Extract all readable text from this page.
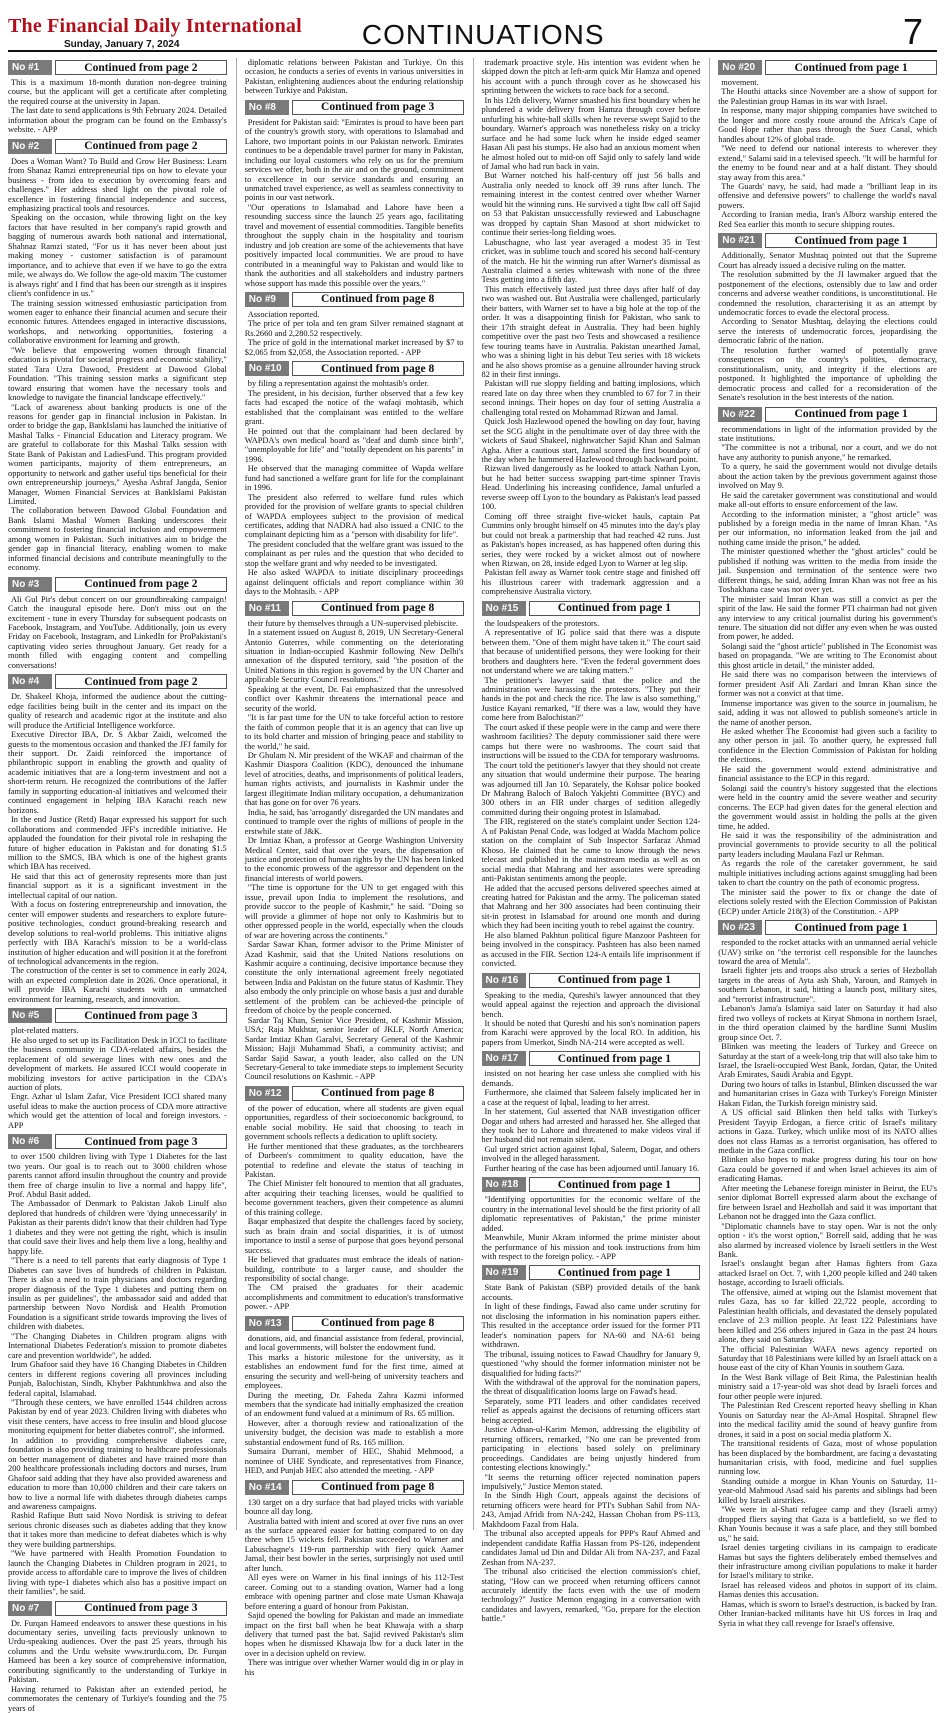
The Financial Daily International
Sunday, January 7, 2024	CONTINUATIONS	7
No #1	Continued from page 2

This is a maximum 18-month duration non-degree training course, but the applicant will get a certificate after completing the required course at the university in Japan.

The last date to send applications is 9th February 2024. Detailed information about the program can be found on the Embassy's website. - APP

No #2	Continued from page 2

Does a Woman Want? To Build and Grow Her Business: Learn from Shanaz Ramzi entrepreneurial tips on how to elevate your business - from idea to execution by overcoming fears and challenges." Her address shed light on the pivotal role of excellence in fostering financial independence and success, emphasizing practical tools and resources.

Speaking on the occasion, while throwing light on the key factors that have resulted in her company's rapid growth and bagging of numerous awards both national and international, Shahnaz Ramzi stated, "For us it has never been about just making money - customer satisfaction is of paramount importance, and to achieve that even if we have to go the extra mile, we always do. We follow the age-old maxim 'The customer is always right' and I find that has been our strength as it inspires client's confidence in us."

The training session witnessed enthusiastic participation from women eager to enhance their financial acumen and secure their economic futures. Attendees engaged in interactive discussions, workshops, and networking opportunities, fostering a collaborative environment for learning and growth.

"We believe that empowering women through financial education is pivotal for societal progress and economic stability," stated Tara Uzra Dawood, President at Dawood Global Foundation. "This training session marks a significant step toward ensuring that women have the necessary tools and knowledge to navigate the financial landscape effectively."

"Lack of awareness about banking products is one of the reasons for gender gap in financial inclusion in Pakistan. In order to bridge the gap, BankIslami has launched the initiative of Mashal Talks - Financial Education and Literacy program. We are grateful to collaborate for this Mashal Talks session with State Bank of Pakistan and LadiesFund. This program provided women participants, majority of them entrepreneurs, an opportunity to network and gather useful tips beneficial for their own entrepreneurship journeys," Ayesha Ashraf Jangda, Senior Manager, Women Financial Services at BankIslami Pakistan Limited.

The collaboration between Dawood Global Foundation and Bank Islami Mashal Women Banking underscores their commitment to fostering financial inclusion and empowerment among women in Pakistan. Such initiatives aim to bridge the gender gap in financial literacy, enabling women to make informed financial decisions and contribute meaningfully to the economy.

No #3	Continued from page 2

Ali Gul Pir's debut concert on our groundbreaking campaign! Catch the inaugural episode here. Don't miss out on the excitement - tune in every Thursday for subsequent podcasts on Facebook, Instagram, and YouTube. Additionally, join us every Friday on Facebook, Instagram, and LinkedIn for ProPakistani's captivating video series throughout January. Get ready for a month filled with engaging content and compelling conversations!

No #4	Continued from page 2

Dr. Shakeel Khoja, informed the audience about the cutting-edge facilities being built in the center and its impact on the quality of research and academic rigor at the institute and also will produce the Artificial Intelligence workforce.

Executive Director IBA, Dr. S Akbar Zaidi, welcomed the guests to the momentous occasion and thanked the JFJ family for their support. Dr. Zaidi reinforced the importance of philanthropic support in enabling the growth and quality of academic initiatives that are a long-term investment and not a short-term return. He recognized the contributions of the Jaffer family in supporting education-al initiatives and welcomed their continued engagement in helping IBA Karachi reach new horizons.

In the end Justice (Retd) Baqar expressed his support for such collaborations and commended JFF's incredible initiative. He applauded the foundation for their pivotal role in reshaping the future of higher education in Pakistan and for donating $1.5 million to the SMCS, IBA which is one of the highest grants which IBA has received.

He said that this act of generosity represents more than just financial support as it is a significant investment in the intellectual capital of our nation.

With a focus on fostering entrepreneurship and innovation, the center will empower students and researchers to explore future-positive technologies, conduct ground-breaking research and develop solutions to real-world problems. This initiative aligns perfectly with IBA Karachi's mission to be a world-class institution of higher education and will position it at the forefront of technological advancements in the region.

The construction of the center is set to commence in early 2024, with an expected completion date in 2026. Once operational, it will provide IBA Karachi students with an unmatched environment for learning, research, and innovation.

No #5	Continued from page 3

plot-related matters.

He also urged to set up its Facilitation Desk in ICCI to facilitate the business community in CDA-related affairs, besides the replacement of old sewerage lines with new ones and the development of markets. He assured ICCI would cooperate in mobilizing investors for active participation in the CDA's auction of plots.

Engr. Azhar ul Islam Zafar, Vice President ICCI shared many useful ideas to make the auction process of CDA more attractive which would get the attention of local and foreign investors. - APP

No #6	Continued from page 3

to over 1500 children living with Type 1 Diabetes for the last two years. Our goal is to reach out to 3000 children whose parents cannot afford insulin throughout the country and provide them free of charge insulin to live a normal and happy life", Prof. Abdul Basit added.

The Ambassador of Denmark to Pakistan Jakob Linulf also deplored that hundreds of children were 'dying unnecessarily' in Pakistan as their parents didn't know that their children had Type 1 diabetes and they were not getting the right, which is insulin that could save their lives and help them live a long, healthy and happy life.

"There is a need to tell parents that early diagnosis of Type 1 Diabetes can save lives of hundreds of children in Pakistan. There is also a need to train physicians and doctors regarding proper diagnosis of the Type 1 diabetes and putting them on insulin as per guidelines", the ambassador said and added that partnership between Novo Nordisk and Health Promotion Foundation is a significant stride towards improving the lives of children with diabetes.

"The Changing Diabetes in Children program aligns with International Diabetes Federation's mission to promote diabetes care and prevention worldwide", he added.

Irum Ghafoor said they have 16 Changing Diabetes in Children centers in different regions covering all provinces including Punjab, Balochistan, Sindh, Khyber Pakhtunkhwa and also the federal capital, Islamabad.

"Through these centers, we have enrolled 1544 children across Pakistan by end of year 2023. Children living with diabetes who visit these centers, have access to free insulin and blood glucose monitoring equipment for better diabetes control", she informed.

In addition to providing comprehensive diabetes care, foundation is also providing training to healthcare professionals on better management of diabetes and have trained more than 200 healthcare professionals including doctors and nurses, Irum Ghafoor said adding that they have also provided awareness and education to more than 10,000 children and their care takers on how to live a normal life with diabetes through diabetes camps and awareness campaigns.

Rashid Rafique Butt said Novo Nordisk is striving to defeat serious chronic diseases such as diabetes adding that they know that it takes more than medicine to defeat diabetes which is why they were building partnerships.

"We have partnered with Health Promotion Foundation to launch the Changing Diabetes in Children program in 2021, to provide access to affordable care to improve the lives of children living with type-1 diabetes which also has a positive impact on their families", he said.

No #7	Continued from page 3

Dr. Furqan Hameed endeavors to answer these questions in his documentary series, unveiling facts previously unknown to Urdu-speaking audiences. Over the past 25 years, through his columns and the Urdu website www.trurdu.com, Dr. Furqan Hameed has been a key source of comprehensive information, contributing significantly to the understanding of Turkiye in Pakistan.

Having returned to Pakistan after an extended period, he commemorates the centenary of Turkiye's founding and the 75 years of

diplomatic relations between Pakistan and Turkiye. On this occasion, he conducts a series of events in various universities in Pakistan, enlightening audiences about the enduring relationship between Turkiye and Pakistan.

No #8	Continued from page 3

President for Pakistan said: "Emirates is proud to have been part of the country's growth story, with operations to Islamabad and Lahore, two important points in our Pakistan network. Emirates continues to be a dependable travel partner for many in Pakistan, including our loyal customers who rely on us for the premium services we offer, both in the air and on the ground, commitment to excellence in our service standards and ensuring an unmatched travel experience, as well as seamless connectivity to points in our vast network.

"Our operations to Islamabad and Lahore have been a resounding success since the launch 25 years ago, facilitating travel and movement of essential commodities. Tangible benefits throughout the supply chain in the hospitality and tourism industry and job creation are some of the achievements that have positively impacted local communities. We are proud to have contributed in a meaningful way to Pakistan and would like to thank the authorities and all stakeholders and industry partners whose support has made this possible over the years."

No #9	Continued from page 8

Association reported.

The price of per tola and ten gram Silver remained stagnant at Rs.2660 and 2,280.52 respectively.

The price of gold in the international market increased by $7 to $2,065 from $2,058, the Association reported. - APP

No #10	Continued from page 8

by filing a representation against the mohtasib's order.

The president, in his decision, further observed that a few key facts had escaped the notice of the wafaqi mohtasib, which established that the complainant was entitled to the welfare grant.

He pointed out that the complainant had been declared by WAPDA's own medical board as "deaf and dumb since birth", "unemployable for life" and "totally dependent on his parents" in 1996.

He observed that the managing committee of Wapda welfare fund had sanctioned a welfare grant for life for the complainant in 1996.

The president also referred to welfare fund rules which provided for the provision of welfare grants to special children of WAPDA employees subject to the provision of medical certificates, adding that NADRA had also issued a CNIC to the complainant depicting him as a "person with disability for life".

The president concluded that the welfare grant was issued to the complainant as per rules and the question that who decided to stop the welfare grant and why needed to be investigated.

He also asked WAPDA to initiate disciplinary proceedings against delinquent officials and report compliance within 30 days to the Mohtasib. - APP

No #11	Continued from page 8

their future by themselves through a UN-supervised plebiscite.

In a statement issued on August 8, 2019, UN Secretary-General Antonio Guterres, while commenting on the deteriorating situation in Indian-occupied Kashmir following New Delhi's annexation of the disputed territory, said "the position of the United Nations in this region is governed by the UN Charter and applicable Security Council resolutions."

Speaking at the event, Dr. Fai emphasized that the unresolved conflict over Kashmir threatens the international peace and security of the world.

"It is far past time for the UN to take forceful action to restore the faith of common people that it is an agency that can live up to its bold charter and mission of bringing peace and stability to the world," he said.

Dr Ghulam N. Mir president of the WKAF and chairman of the Kashmir Diaspora Coalition (KDC), denounced the inhumane level of atrocities, deaths, and imprisonments of political leaders, human rights activists, and journalists in Kashmir under the largest illegitimate Indian military occupation, a dehumanization that has gone on for over 76 years.

India, he said, has 'arrogantly' disregarded the UN mandates and continued to trample over the rights of millions of people in the erstwhile state of J&K.

Dr Imtiaz Khan, a professor at George Washington University Medical Center, said that over the years, the dispensation of justice and protection of human rights by the UN has been linked to the economic prowess of the aggressor and dependent on the financial interests of world powers.

"The time is opportune for the UN to get engaged with this issue, prevail upon India to implement the resolutions, and provide succor to the people of Kashmir," he said. "Doing so will provide a glimmer of hope not only to Kashmiris but to other oppressed people in the world, especially when the clouds of war are hovering across the continents."

Sardar Sawar Khan, former advisor to the Prime Minister of Azad Kashmir, said that the United Nations resolutions on Kashmir acquire a continuing, decisive importance because they constitute the only international agreement freely negotiated between India and Pakistan on the future status of Kashmir. They also embody the only principle on whose basis a just and durable settlement of the problem can be achieved-the principle of freedom of choice by the people concerned.

Sardar Taj Khan, Senior Vice President, of Kashmir Mission, USA; Raja Mukhtar, senior leader of JKLF, North America; Sardar Imtiaz Khan Garalvi, Secretary General of the Kashmir Mission; Hajji Muhammad Shafi, a community activist; and Sardar Sajid Sawar, a youth leader, also called on the UN Secretary-General to take immediate steps to implement Security Council resolutions on Kashmir. - APP

No #12	Continued from page 8

of the power of education, where all students are given equal opportunities, regardless of their socioeconomic background, to enable social mobility. He said that choosing to teach in government schools reflects a dedication to uplift society.

He further mentioned that these graduates, as the torchbearers of Durbeen's commitment to quality education, have the potential to redefine and elevate the status of teaching in Pakistan.

The Chief Minister felt honoured to mention that all graduates, after acquiring their teaching licenses, would be qualified to become government teachers, given their competence as alumni of this training college.

Baqar emphasized that despite the challenges faced by society, such as brain drain and social disparities, it is of utmost importance to instil a sense of purpose that goes beyond personal success.

He believed that graduates must embrace the ideals of nation-building, contribute to a larger cause, and shoulder the responsibility of social change.

The CM praised the graduates for their academic accomplishments and commitment to education's transformative power. - APP

No #13	Continued from page 8

donations, aid, and financial assistance from federal, provincial, and local governments, will bolster the endowment fund.

This marks a historic milestone for the university, as it establishes an endowment fund for the first time, aimed at ensuring the security and well-being of university teachers and employees.

During the meeting, Dr. Faheda Zahra Kazmi informed members that the syndicate had initially emphasized the creation of an endowment fund valued at a minimum of Rs. 65 million.

However, after a thorough review and rationalization of the university budget, the decision was made to establish a more substantial endowment fund of Rs. 165 million.

Sumaira Durrani, member of HEC, Shahid Mehmood, a nominee of UHE Syndicate, and representatives from Finance, HED, and Punjab HEC also attended the meeting. - APP

No #14	Continued from page 8

130 target on a dry surface that had played tricks with variable bounce all day long.

Australia batted with intent and scored at over five runs an over as the surface appeared easier for batting compared to on day three when 15 wickets fell. Pakistan succeeded to Warner and Labuschagne's 119-run partnership with fiery quick Aamer Jamal, their best bowler in the series, surprisingly not used until after lunch.

All eyes were on Warner in his final innings of his 112-Test career. Coming out to a standing ovation, Warner had a long embrace with opening partner and close mate Usman Khawaja before entering a guard of honour from Pakistan.

Sajid opened the bowling for Pakistan and made an immediate impact on the first ball when he beat Khawaja with a sharp delivery that turned past the bat. Sajid revived Pakistan's slim hopes when he dismissed Khawaja lbw for a duck later in the over in a decision upheld on review.

There was intrigue over whether Warner would dig in or play in his

trademark proactive style. His intention was evident when he skipped down the pitch at left-arm quick Mir Hamza and opened his account with a punch through cover as he showcased his sprinting between the wickets to race back for a second.

In his 12th delivery, Warner smashed his first boundary when he plundered a wide delivery from Hamza through cover before unfurling his white-ball skills when he reverse swept Sajid to the boundary. Warner's approach was nonetheless risky on a tricky surface and he had some luck when he inside edged seamer Hasan Ali past his stumps. He also had an anxious moment when he almost holed out to mid-on off Sajid only to safely land wide of Jamal who had run back in vain.

But Warner notched his half-century off just 56 balls and Australia only needed to knock off 39 runs after lunch. The remaining interest in the contest centred over whether Warner would hit the winning runs. He survived a tight lbw call off Sajid on 53 that Pakistan unsuccessfully reviewed and Labuschagne was dropped by captain Shan Masood at short midwicket to continue their series-long fielding woes.

Labuschagne, who last year averaged a modest 35 in Test cricket, was in sublime touch and scored his second half-century of the match. He hit the winning run after Warner's dismissal as Australia claimed a series whitewash with none of the three Tests getting into a fifth day.

This match effectively lasted just three days after half of day two was washed out. But Australia were challenged, particularly their batters, with Warner set to have a big hole at the top of the order. It was a disappointing finish for Pakistan, who sank to their 17th straight defeat in Australia. They had been highly competitive over the past two Tests and showcased a resilience few touring teams have in Australia. Pakistan unearthed Jamal, who was a shining light in his debut Test series with 18 wickets and he also shows promise as a genuine allrounder having struck 82 in their first innings.

Pakistan will rue sloppy fielding and batting implosions, which reared late on day three when they crumbled to 67 for 7 in their second innings. Their hopes on day four of setting Australia a challenging total rested on Mohammad Rizwan and Jamal.

Quick Josh Hazlewood opened the bowling on day four, having set the SCG alight in the penultimate over of day three with the wickets of Saud Shakeel, nightwatcher Sajid Khan and Salman Agha. After a cautious start, Jamal scored the first boundary of the day when he hammered Hazlewood through backward point.

Rizwan lived dangerously as he looked to attack Nathan Lyon, but he had better success swapping part-time spinner Travis Head. Underlining his increasing confidence, Jamal unfurled a reverse sweep off Lyon to the boundary as Pakistan's lead passed 100.

Coming off three straight five-wicket hauls, captain Pat Cummins only brought himself on 45 minutes into the day's play but could not break a partnership that had reached 42 runs. Just as Pakistan's hopes increased, as has happened often during this series, they were rocked by a wicket almost out of nowhere when Rizwan, on 28, inside edged Lyon to Warner at leg slip.

Pakistan fell away as Warner took centre stage and finished off his illustrious career with trademark aggression and a comprehensive Australia victory.

No #15	Continued from page 1

the loudspeakers of the protestors.

A representative of IG police said that there was a dispute between them. "One of them might have taken it." The court said that because of unidentified persons, they were looking for their brothers and daughters here. "Even the federal government does not understand where we are taking matters."

The petitioner's lawyer said that the police and the administration were harassing the protestors. "They put their hands in the pot and check the rice. The law is also something," Justice Kayani remarked, "If there was a law, would they have come here from Balochistan?"

The court asked if these people were in the camp and were there washroom facilities? The deputy commissioner said there were camps but there were no washrooms. The court said that instructions will be issued to the CDA for temporary washrooms.

The court told the petitioner's lawyer that they should not create any situation that would undermine their purpose. The hearing was adjourned till Jan 10. Separately, the Kohsar police booked Dr Mahrang Baloch of Baloch Yakjehti Committee (BYC) and 300 others in an FIR under charges of sedition allegedly committed during their ongoing protest in Islamabad.

The FIR, registered on the state's complaint under Section 124-A of Pakistan Penal Code, was lodged at Wadda Machom police station on the complaint of Sub Inspector Sarfaraz Ahmad Khoso. He claimed that he came to know through the news telecast and published in the mainstream media as well as on social media that Mahrang and her associates were spreading anti-Pakistan sentiments among the people.

He added that the accused persons delivered speeches aimed at creating hatred for Pakistan and the army. The policeman stated that Mahrang and her 300 associates had been continuing their sit-in protest in Islamabad for around one month and during which they had been inciting youth to rebel against the country.

He also blamed Pakhtun political figure Manzoor Pashteen for being involved in the conspiracy. Pashteen has also been named as accused in the FIR. Section 124-A entails life imprisonment if convicted.

No #16	Continued from page 1

Speaking to the media, Qureshi's lawyer announced that they would appeal against the rejection and approach the divisional bench.

It should be noted that Qureshi and his son's nomination papers from Karachi were approved by the local RO. In addition, his papers from Umerkot, Sindh NA-214 were accepted as well.

No #17	Continued from page 1

insisted on not hearing her case unless she complied with his demands.

Furthermore, she claimed that Saleem falsely implicated her in a case at the request of Iqbal, leading to her arrest.

In her statement, Gul asserted that NAB investigation officer Dogar and others had arrested and harassed her. She alleged that they took her to Lahore and threatened to make videos viral if her husband did not remain silent.

Gul urged strict action against Iqbal, Saleem, Dogar, and others involved in the alleged harassment.

Further hearing of the case has been adjourned until January 16.

No #18	Continued from page 1

"Identifying opportunities for the economic welfare of the country in the international level should be the first priority of all diplomatic representatives of Pakistan," the prime minister added.

Meanwhile, Munir Akram informed the prime minister about the performance of his mission and took instructions from him with respect to the foreign policy. - APP

No #19	Continued from page 1

State Bank of Pakistan (SBP) provided details of the bank accounts.

In light of these findings, Fawad also came under scrutiny for not disclosing the information in his nomination papers either. This resulted in the acceptance order issued for the former PTI leader's nomination papers for NA-60 and NA-61 being withdrawn.

The tribunal, issuing notices to Fawad Chaudhry for January 9, questioned "why should the former information minister not be disqualified for hiding facts?"

With the withdrawal of the approval for the nomination papers, the threat of disqualification looms large on Fawad's head.

Separately, some PTI leaders and other candidates received relief as appeals against the decisions of returning officers start being accepted.

Justice Adnan-ul-Karim Memon, addressing the eligibility of returning officers, remarked, "No one can be prevented from participating in elections based solely on preliminary proceedings. Candidates are being unjustly hindered from contesting elections knowingly."

"It seems the returning officer rejected nomination papers impulsively," Justice Memon stated.

In the Sindh High Court, appeals against the decisions of returning officers were heard for PTI's Subhan Sahil from NA-243, Amjad Afridi from NA-242, Hassan Chohan from PS-113, Makhdoom Fazal from Hala.

The tribunal also accepted appeals for PPP's Rauf Ahmed and independent candidate Raffia Hassan from PS-126, independent candidates Jamal ud Din and Dildar Ali from NA-237, and Fazal Zeshan from NA-237.

The tribunal also criticised the election commission's chief, stating, "How can we proceed when returning officers cannot accurately identify the facts even with the use of modern technology?" Justice Memon engaging in a conversation with candidates and lawyers, remarked, "Go, prepare for the election battle."

No #20	Continued from page 1

movement.

The Houthi attacks since November are a show of support for the Palestinian group Hamas in its war with Israel.

In response, many major shipping companies have switched to the longer and more costly route around the Africa's Cape of Good Hope rather than pass through the Suez Canal, which handles about 12% of global trade.

"We need to defend our national interests to wherever they extend," Salami said in a televised speech. "It will be harmful for the enemy to be found near and at a half distant. They should stay away from this area."

The Guards' navy, he said, had made a "brilliant leap in its offensive and defensive powers" to challenge the world's naval powers.

According to Iranian media, Iran's Alborz warship entered the Red Sea earlier this month to secure shipping routes.

No #21	Continued from page 1

Additionally, Senator Mushtaq pointed out that the Supreme Court has already issued a decisive ruling on the matter.

The resolution submitted by the JI lawmaker argued that the postponement of the elections, ostensibly due to law and order concerns and adverse weather conditions, is unconstitutional. He condemned the resolution, characterising it as an attempt by undemocratic forces to evade the electoral process.

According to Senator Mushtaq, delaying the elections could serve the interests of undemocratic forces, jeopardising the democratic fabric of the nation.

The resolution further warned of potentially grave consequences on the country's polities, democracy, constitutionalism, unity, and integrity if the elections are postponed. It highlighted the importance of upholding the democratic process and called for a reconsideration of the Senate's resolution in the best interests of the nation.

No #22	Continued from page 1

recommendations in light of the information provided by the state institutions.

"The committee is not a tribunal, nor a court, and we do not have any authority to punish anyone," he remarked.

To a query, he said the government would not divulge details about the action taken by the previous government against those involved on May 9.

He said the caretaker government was constitutional and would make all-out efforts to ensure enforcement of the law.

According to the information minister, a "ghost article" was published by a foreign media in the name of Imran Khan. "As per our information, no information leaked from the jail and nothing came inside the prison," he added.

The minister questioned whether the "ghost articles" could be published if nothing was written to the media from inside the jail. Suspension and termination of the sentence were two different things, he said, adding Imran Khan was not free as his Toshakhana case was not over yet.

The minister said Imran Khan was still a convict as per the spirit of the law. He said the former PTI chairman had not given any interview to any critical journalist during his government's tenure. The situation did not differ any even when he was ousted from power, he added.

Solangi said the "ghost article" published in The Economist was based on propaganda. "We are writing to The Economist about this ghost article in detail," the minister added.

He said there was no comparison between the interviews of former president Asif Ali Zardari and Imran Khan since the former was not a convict at that time.

Immense importance was given to the source in journalism, he said, adding it was not allowed to publish someone's article in the name of another person.

He asked whether The Economist had given such a facility to any other person in jail. To another query, he expressed full confidence in the Election Commission of Pakistan for holding the elections.

He said the government would extend administrative and financial assistance to the ECP in this regard.

Solangi said the country's history suggested that the elections were held in the country amid the severe weather and security concerns. The ECP had given dates for the general election and the government would assist in holding the polls at the given time, he added.

He said it was the responsibility of the administration and provincial governments to provide security to all the political party leaders including Maulana Fazl ur Rehman.

As regards the role of the caretaker government, he said multiple initiatives including actions against smuggling had been taken to chart the country on the path of economic progress.

The minister said the power to fix or change the date of elections solely rested with the Election Commission of Pakistan (ECP) under Article 218(3) of the Constitution. - APP

No #23	Continued from page 1

responded to the rocket attacks with an unmanned aerial vehicle (UAV) strike on "the terrorist cell responsible for the launches toward the area of Metula".

Israeli fighter jets and troops also struck a series of Hezbollah targets in the areas of Ayta ash Shab, Yaroun, and Ramyeh in southern Lebanon, it said, hitting a launch post, military sites, and "terrorist infrastructure".

Lebanon's Jama'a Islamiya said later on Saturday it had also fired two volleys of rockets at Kiryat Shmona in northern Israel, in the third operation claimed by the hardline Sunni Muslim group since Oct. 7.

Blinken was meeting the leaders of Turkey and Greece on Saturday at the start of a week-long trip that will also take him to Israel, the Israeli-occupied West Bank, Jordan, Qatar, the United Arab Emirates, Saudi Arabia and Egypt.

During two hours of talks in Istanbul, Blinken discussed the war and humanitarian crises in Gaza with Turkey's Foreign Minister Hakan Fidan, the Turkish foreign ministry said.

A US official said Blinken then held talks with Turkey's President Tayyip Erdogan, a fierce critic of Israel's military actions in Gaza. Turkey, which unlike most of its NATO allies does not class Hamas as a terrorist organisation, has offered to mediate in the Gaza conflict.

Blinken also hopes to make progress during his tour on how Gaza could be governed if and when Israel achieves its aim of eradicating Hamas.

After meeting the Lebanese foreign minister in Beirut, the EU's senior diplomat Borrell expressed alarm about the exchange of fire between Israel and Hezbollah and said it was important that Lebanon not be dragged into the Gaza conflict.

"Diplomatic channels have to stay open. War is not the only option - it's the worst option," Borrell said, adding that he was also alarmed by increased violence by Israeli settlers in the West Bank.

Israel's onslaught began after Hamas fighters from Gaza attacked Israel on Oct. 7, with 1,200 people killed and 240 taken hostage, according to Israeli officials.

The offensive, aimed at wiping out the Islamist movement that rules Gaza, has so far killed 22,722 people, according to Palestinian health officials, and devastated the densely populated enclave of 2.3 million people. At least 122 Palestinians have been killed and 256 others injured in Gaza in the past 24 hours alone, they said on Saturday.

The official Palestinian WAFA news agency reported on Saturday that 18 Palestinians were killed by an Israeli attack on a house east of the city of Khan Younis in southern Gaza.

In the West Bank village of Beit Rima, the Palestinian health ministry said a 17-year-old was shot dead by Israeli forces and four other people were injured.

The Palestinian Red Crescent reported heavy shelling in Khan Younis on Saturday near the Al-Amal Hospital. Shrapnel flew into the medical facility amid the sound of heavy gunfire from drones, it said in a post on social media platform X.

The transitional residents of Gaza, most of whose population has been displaced by the bombardment, are facing a devastating humanitarian crisis, with food, medicine and fuel supplies running low.

Standing outside a morgue in Khan Younis on Saturday, 11-year-old Mahmoud Asad said his parents and siblings had been killed by Israeli airstrikes.

"We were in al-Shati refugee camp and they (Israeli army) dropped fliers saying that Gaza is a battlefield, so we fled to Khan Younis because it was a safe place, and they still bombed us," he said.

Israel denies targeting civilians in its campaign to eradicate Hamas but says the fighters deliberately embed themselves and their infrastructure among civilian populations to make it harder for Israel's military to strike.

Israel has released videos and photos in support of its claim. Hamas denies this accusation.

Hamas, which is sworn to Israel's destruction, is backed by Iran. Other Iranian-backed militants have hit US forces in Iraq and Syria in what they call revenge for Israel's offensive.
